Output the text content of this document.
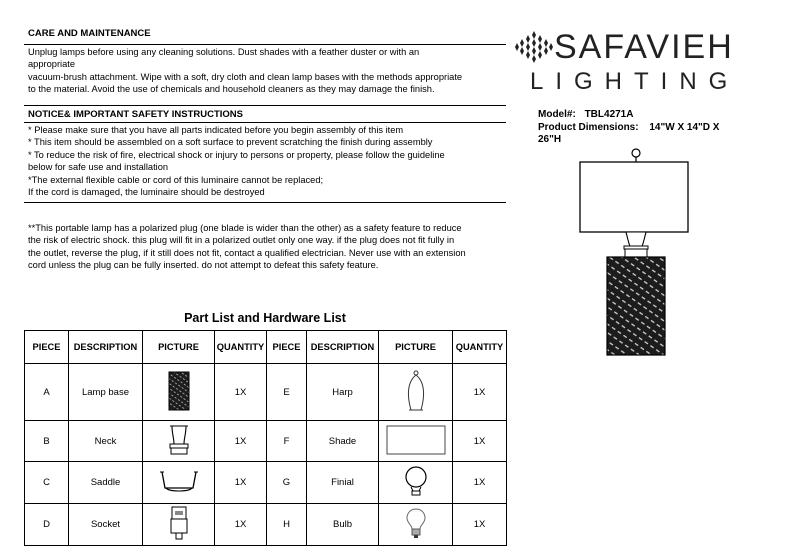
CARE AND MAINTENANCE
Unplug lamps before using any cleaning solutions. Dust shades with a feather duster or with an
appropriate
vacuum-brush attachment. Wipe with a soft, dry cloth and clean lamp bases with the methods appropriate
to the material. Avoid the use of chemicals and household cleaners as they may damage the finish.
NOTICE& IMPORTANT SAFETY INSTRUCTIONS
* Please make sure that you have all parts indicated before you begin assembly of this item
* This item should be assembled on a soft surface to prevent scratching the finish during assembly
* To reduce the risk of fire, electrical shock or injury to persons or property, please follow the guideline
below for safe use and installation
*The external flexible cable or cord of this luminaire cannot be replaced;
If the cord is damaged, the luminaire should be destroyed
**This portable lamp has a polarized plug (one blade is wider than the other) as a safety feature to reduce
the risk of electric shock. this plug will fit in a polarized outlet only one way. if the plug does not fit fully in
the outlet, reverse the plug, if it still does not fit, contact a qualified electrician. Never use with an extension
cord unless the plug can be fully inserted. do not attempt to defeat this safety feature.
SAFAVIEH
LIGHTING
Model#: TBL4271A
Product Dimensions: 14"W X 14"D X
26"H
Part List and Hardware List
PIECE	DESCRIPTION	PICTURE	QUANTITY	PIECE	DESCRIPTION	PICTURE	QUANTITY
A	Lamp base		1X	E	Harp		1X
B	Neck		1X	F	Shade		1X
C	Saddle		1X	G	Finial		1X
D	Socket		1X	H	Bulb		1X
